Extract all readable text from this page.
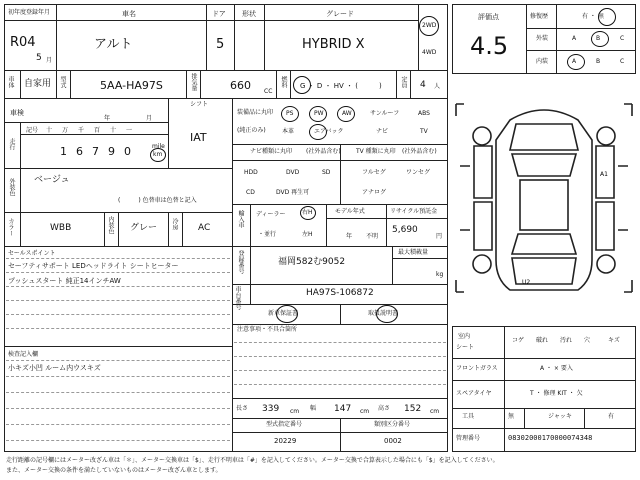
初年度登録年月
R04
5 月
車名
アルト
ドア
5
形状	グレード
HYBRID X
2WD
4WD
車体 自家用 型式	5AA-HA97S	排気量	660 CC
燃料 G ・ D ・ HV ・ (　　　)	定員 4 人
車検
年	月
シフト
IAT
走行
記号 十 万 千 百 十 一
1 6 7 9 0	mile
km
外装色 ベージュ
(　　　) 色替車は色替と記入
カラー	WBB	内装色 グレー 冷房 AC
セールスポイント
セーフティサポート LEDヘッドライト シートヒーター
プッシュスタート 純正14インチAW
検査記入欄
小キズ小凹 ルーム内ウスキズ
装備品に丸印
(純正のみ)
PS	PW	AW	サンルーフ	ABS
本革	エアバック	ナビ	TV
ナビ種類に丸印 (社外品含む)	TV 種類に丸印 (社外品含む)
HDD	DVD	SD
CD	DVD 再生可
フルセグ	ワンセグ
アナログ
輸入車 ディーラー	右H
・並行	左H
モデル年式
年 不明
リサイクル預託金
5,690
円
登録番号	福岡582む9052
最大積載量
kg
車台番号	HA97S-106872
新車保証書	取扱説明書
注意事項・不具合箇所
長さ 339 cm 幅 147 cm 高さ 152 cm
型式指定番号
20229
類別区分番号
0002
評価点
4.5
修復歴	有 ・ 無
外装	A	B	C
内装	A	B	C
A1
U2
室内
シート
コゲ 破れ 汚れ 穴	キズ
フロントガラス	A ・ × 要入
スペアタイヤ	T ・ 修理 KIT ・ 欠
工具	無	ジャッキ	有
管理番号	08302000170000074348
走行距離の記号欄にはメーター改ざん車は「＊」、メーター交換車は「$」、走行不明車は「#」を記入してください。メーター交換で合算表示した場合にも「$」を記入してください。
また、メーター交換の条件を満たしていないものはメーター改ざん車とします。
